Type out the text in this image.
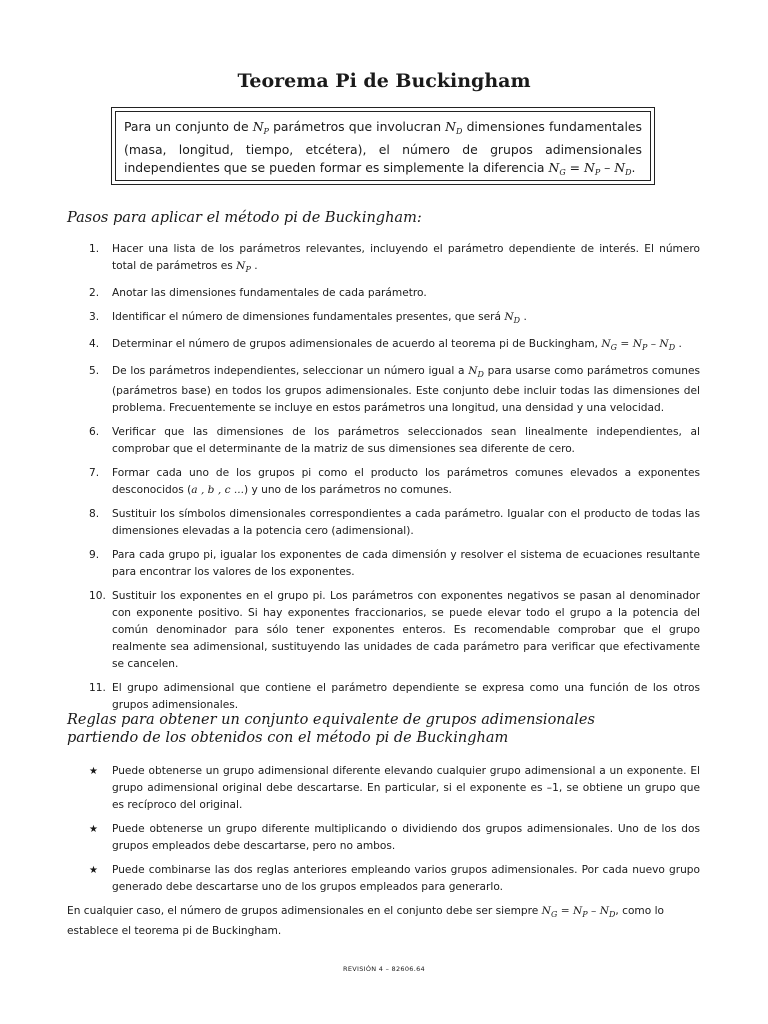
Teorema Pi de Buckingham
Para un conjunto de $N_P$ parámetros que involucran $N_D$ dimensiones fundamentales (masa, longitud, tiempo, etcétera), el número de grupos adimensionales independientes que se pueden formar es simplemente la diferencia $N_G = N_P - N_D$.
Pasos para aplicar el método pi de Buckingham:
1. Hacer una lista de los parámetros relevantes, incluyendo el parámetro dependiente de interés. El número total de parámetros es $N_P$ .
2. Anotar las dimensiones fundamentales de cada parámetro.
3. Identificar el número de dimensiones fundamentales presentes, que será $N_D$ .
4. Determinar el número de grupos adimensionales de acuerdo al teorema pi de Buckingham, $N_G = N_P - N_D$ .
5. De los parámetros independientes, seleccionar un número igual a $N_D$ para usarse como parámetros comunes (parámetros base) en todos los grupos adimensionales. Este conjunto debe incluir todas las dimensiones del problema. Frecuentemente se incluye en estos parámetros una longitud, una densidad y una velocidad.
6. Verificar que las dimensiones de los parámetros seleccionados sean linealmente independientes, al comprobar que el determinante de la matriz de sus dimensiones sea diferente de cero.
7. Formar cada uno de los grupos pi como el producto los parámetros comunes elevados a exponentes desconocidos (a , b , c ...) y uno de los parámetros no comunes.
8. Sustituir los símbolos dimensionales correspondientes a cada parámetro. Igualar con el producto de todas las dimensiones elevadas a la potencia cero (adimensional).
9. Para cada grupo pi, igualar los exponentes de cada dimensión y resolver el sistema de ecuaciones resultante para encontrar los valores de los exponentes.
10. Sustituir los exponentes en el grupo pi. Los parámetros con exponentes negativos se pasan al denominador con exponente positivo. Si hay exponentes fraccionarios, se puede elevar todo el grupo a la potencia del común denominador para sólo tener exponentes enteros. Es recomendable comprobar que el grupo realmente sea adimensional, sustituyendo las unidades de cada parámetro para verificar que efectivamente se cancelen.
11. El grupo adimensional que contiene el parámetro dependiente se expresa como una función de los otros grupos adimensionales.
Reglas para obtener un conjunto equivalente de grupos adimensionales
partiendo de los obtenidos con el método pi de Buckingham
★ Puede obtenerse un grupo adimensional diferente elevando cualquier grupo adimensional a un exponente. El grupo adimensional original debe descartarse. En particular, si el exponente es –1, se obtiene un grupo que es recíproco del original.
★ Puede obtenerse un grupo diferente multiplicando o dividiendo dos grupos adimensionales. Uno de los dos grupos empleados debe descartarse, pero no ambos.
★ Puede combinarse las dos reglas anteriores empleando varios grupos adimensionales. Por cada nuevo grupo generado debe descartarse uno de los grupos empleados para generarlo.
En cualquier caso, el número de grupos adimensionales en el conjunto debe ser siempre $N_G = N_P - N_D$, como lo establece el teorema pi de Buckingham.
REVISIÓN 4 – 82606.64
